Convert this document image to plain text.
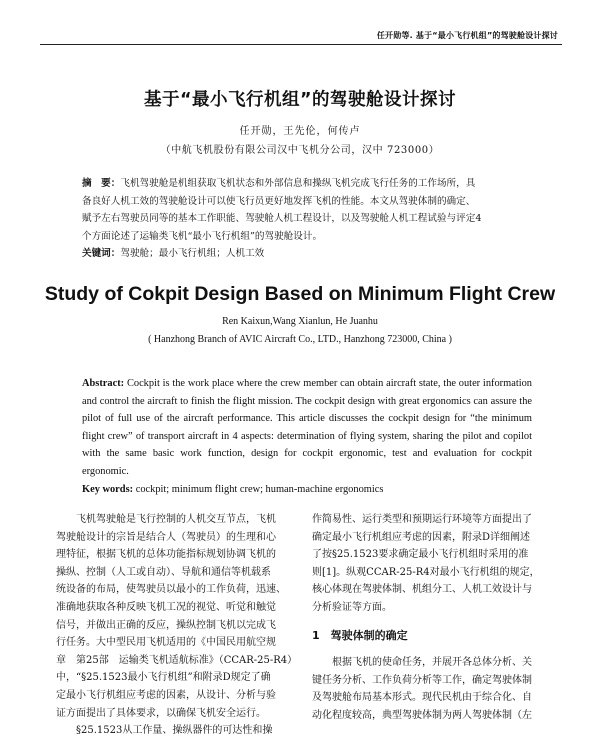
任开勋等. 基于“最小飞行机组”的驾驶舱设计探讨
基于“最小飞行机组”的驾驶舱设计探讨
任开勋，王先伦，何传卢
（中航飞机股份有限公司汉中飞机分公司，汉中 723000）
摘　要：飞机驾驶舱是机组获取飞机状态和外部信息和操纵飞机完成飞行任务的工作场所，具
备良好人机工效的驾驶舱设计可以使飞行员更好地发挥飞机的性能。本文从驾驶体制的确定、
赋予左右驾驶员同等的基本工作职能、驾驶舱人机工程设计，以及驾驶舱人机工程试验与评定4
个方面论述了运输类飞机“最小飞行机组”的驾驶舱设计。
关键词：驾驶舱；最小飞行机组；人机工效
Study of Cokpit Design Based on Minimum Flight Crew
Ren Kaixun,Wang Xianlun, He Juanhu
( Hanzhong Branch of AVIC Aircraft Co., LTD., Hanzhong 723000, China )
Abstract: Cockpit is the work place where the crew member can obtain aircraft state, the outer information and control the aircraft to finish the flight mission. The cockpit design with great ergonomics can assure the pilot of full use of the aircraft performance. This article discusses the cockpit design for “the minimum flight crew” of transport aircraft in 4 aspects: determination of flying system, sharing the pilot and copilot with the same basic work function, design for cockpit ergonomic, test and evaluation for cockpit ergonomic.
Key words: cockpit; minimum flight crew; human-machine ergonomics
　　飞机驾驶舱是飞行控制的人机交互节点，飞机
驾驶舱设计的宗旨是结合人（驾驶员）的生理和心
理特征，根据飞机的总体功能指标规划协调飞机的
操纵、控制（人工或自动）、导航和通信等机载系
统设备的布局，使驾驶员以最小的工作负荷，迅速、
准确地获取各种反映飞机工况的视觉、听觉和触觉
信号，并做出正确的反应，操纵控制飞机以完成飞
行任务。大中型民用飞机适用的《中国民用航空规
章　第25部　运输类飞机适航标准》（CCAR-25-R4）
中，“§25.1523最小飞行机组”和附录D规定了确
定最小飞行机组应考虑的因素，从设计、分析与验
证方面提出了具体要求，以确保飞机安全运行。
　　§25.1523从工作量、操纵器件的可达性和操
作简易性、运行类型和预期运行环境等方面提出了
确定最小飞行机组应考虑的因素，附录D详细阐述
了按§25.1523要求确定最小飞行机组时采用的准
则[1]。纵观CCAR-25-R4对最小飞行机组的规定，
核心体现在驾驶体制、机组分工、人机工效设计与
分析验证等方面。
1　驾驶体制的确定
　　根据飞机的使命任务，并展开各总体分析、关
键任务分析、工作负荷分析等工作，确定驾驶体制
及驾驶舱布局基本形式。现代民机由于综合化、自
动化程度较高，典型驾驶体制为两人驾驶体制（左
